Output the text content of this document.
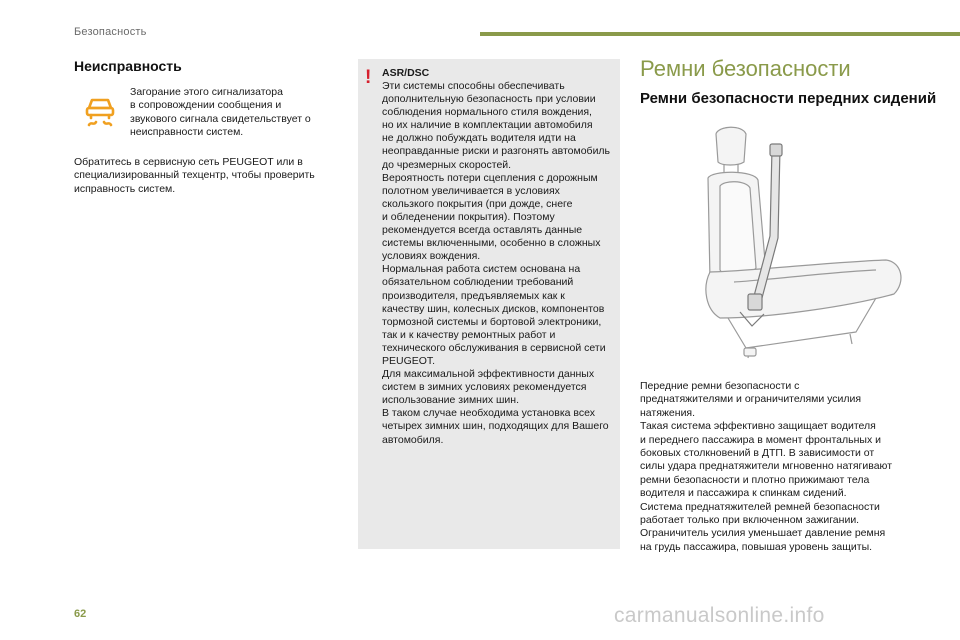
Безопасность
Неисправность
Загорание этого сигнализатора
в сопровождении сообщения и
звукового сигнала свидетельствует о
неисправности систем.
Обратитесь в сервисную сеть PEUGEOT или в
специализированный техцентр, чтобы проверить
исправность систем.
! ASR/DSC

Эти системы способны обеспечивать

дополнительную безопасность при условии

соблюдения нормального стиля вождения,

но их наличие в комплектации автомобиля

не должно побуждать водителя идти на

неоправданные риски и разгонять автомобиль

до чрезмерных скоростей.

Вероятность потери сцепления с дорожным

полотном увеличивается в условиях

скользкого покрытия (при дожде, снеге

и обледенении покрытия). Поэтому

рекомендуется всегда оставлять данные

системы включенными, особенно в сложных

условиях вождения.

Нормальная работа систем основана на

обязательном соблюдении требований

производителя, предъявляемых как к

качеству шин, колесных дисков, компонентов

тормозной системы и бортовой электроники,

так и к качеству ремонтных работ и

технического обслуживания в сервисной сети

PEUGEOT.

Для максимальной эффективности данных

систем в зимних условиях рекомендуется

использование зимних шин.

В таком случае необходима установка всех

четырех зимних шин, подходящих для Вашего

автомобиля.

Ремни безопасности
Ремни безопасности передних сидений

Передние ремни безопасности с

преднатяжителями и ограничителями усилия

натяжения.

Такая система эффективно защищает водителя

и переднего пассажира в момент фронтальных и

боковых столкновений в ДТП. В зависимости от

силы удара преднатяжители мгновенно натягивают

ремни безопасности и плотно прижимают тела

водителя и пассажира к спинкам сидений.

Система преднатяжителей ремней безопасности

работает только при включенном зажигании.

Ограничитель усилия уменьшает давление ремня

на грудь пассажира, повышая уровень защиты.

62	carmanualsonline.info
